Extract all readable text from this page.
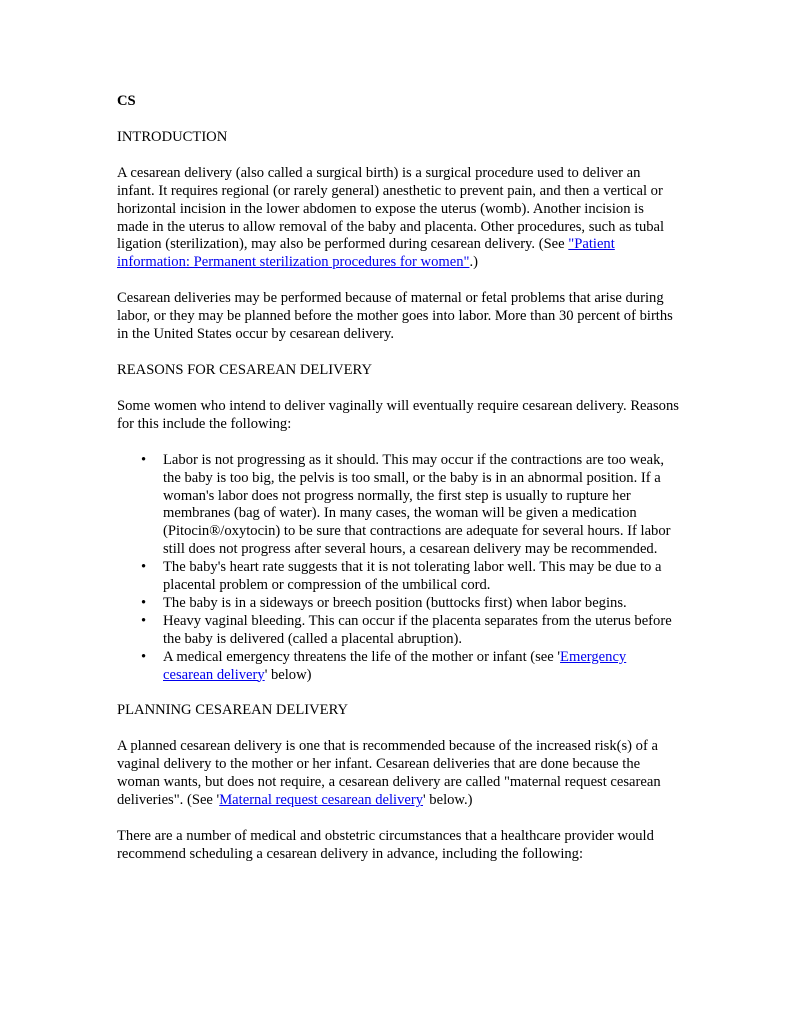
CS
INTRODUCTION

A cesarean delivery (also called a surgical birth) is a surgical procedure used to deliver an infant. It requires regional (or rarely general) anesthetic to prevent pain, and then a vertical or horizontal incision in the lower abdomen to expose the uterus (womb). Another incision is made in the uterus to allow removal of the baby and placenta. Other procedures, such as tubal ligation (sterilization), may also be performed during cesarean delivery. (See "Patient information: Permanent sterilization procedures for women".)

Cesarean deliveries may be performed because of maternal or fetal problems that arise during labor, or they may be planned before the mother goes into labor. More than 30 percent of births in the United States occur by cesarean delivery.

REASONS FOR CESAREAN DELIVERY

Some women who intend to deliver vaginally will eventually require cesarean delivery. Reasons for this include the following:

• Labor is not progressing as it should. This may occur if the contractions are too weak, the baby is too big, the pelvis is too small, or the baby is in an abnormal position. If a woman's labor does not progress normally, the first step is usually to rupture her membranes (bag of water). In many cases, the woman will be given a medication (Pitocin®/oxytocin) to be sure that contractions are adequate for several hours. If labor still does not progress after several hours, a cesarean delivery may be recommended.
• The baby's heart rate suggests that it is not tolerating labor well. This may be due to a placental problem or compression of the umbilical cord.
• The baby is in a sideways or breech position (buttocks first) when labor begins.
• Heavy vaginal bleeding. This can occur if the placenta separates from the uterus before the baby is delivered (called a placental abruption).
• A medical emergency threatens the life of the mother or infant (see 'Emergency cesarean delivery' below)
PLANNING CESAREAN DELIVERY

A planned cesarean delivery is one that is recommended because of the increased risk(s) of a vaginal delivery to the mother or her infant. Cesarean deliveries that are done because the woman wants, but does not require, a cesarean delivery are called "maternal request cesarean deliveries". (See 'Maternal request cesarean delivery' below.)

There are a number of medical and obstetric circumstances that a healthcare provider would recommend scheduling a cesarean delivery in advance, including the following:
